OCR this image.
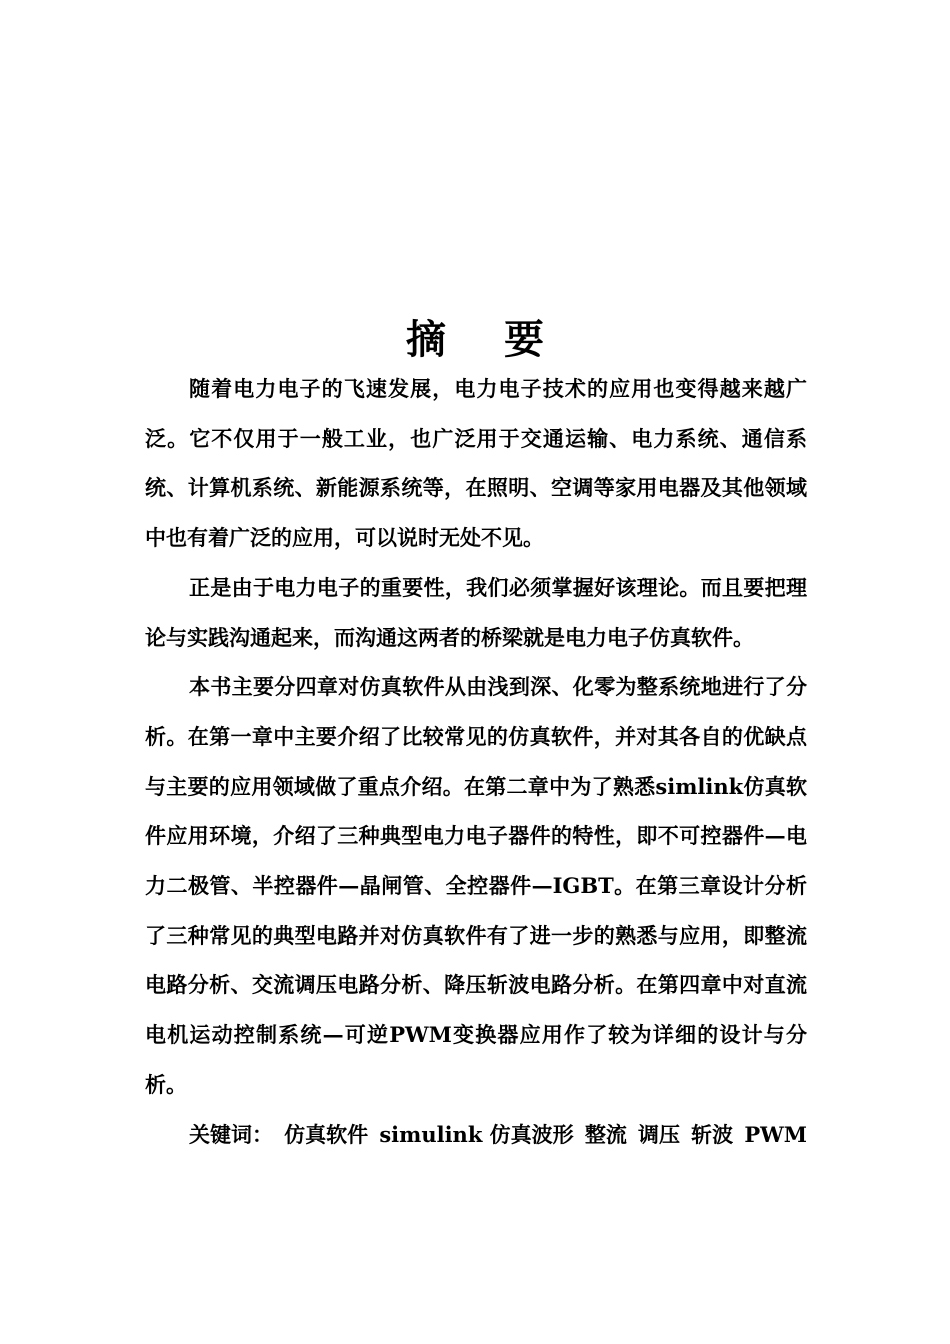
摘 要

随着电力电子的飞速发展，电力电子技术的应用也变得越来越广泛。它不仅用于一般工业，也广泛用于交通运输、电力系统、通信系统、计算机系统、新能源系统等，在照明、空调等家用电器及其他领域中也有着广泛的应用，可以说时无处不见。

正是由于电力电子的重要性，我们必须掌握好该理论。而且要把理论与实践沟通起来，而沟通这两者的桥梁就是电力电子仿真软件。

本书主要分四章对仿真软件从由浅到深、化零为整系统地进行了分析。在第一章中主要介绍了比较常见的仿真软件，并对其各自的优缺点与主要的应用领域做了重点介绍。在第二章中为了熟悉simlink仿真软件应用环境，介绍了三种典型电力电子器件的特性，即不可控器件—电力二极管、半控器件—晶闸管、全控器件—IGBT。在第三章设计分析了三种常见的典型电路并对仿真软件有了进一步的熟悉与应用，即整流电路分析、交流调压电路分析、降压斩波电路分析。在第四章中对直流电机运动控制系统—可逆PWM变换器应用作了较为详细的设计与分析。

关键词： 仿真软件 simulink 仿真波形 整流 调压 斩波 PWM
